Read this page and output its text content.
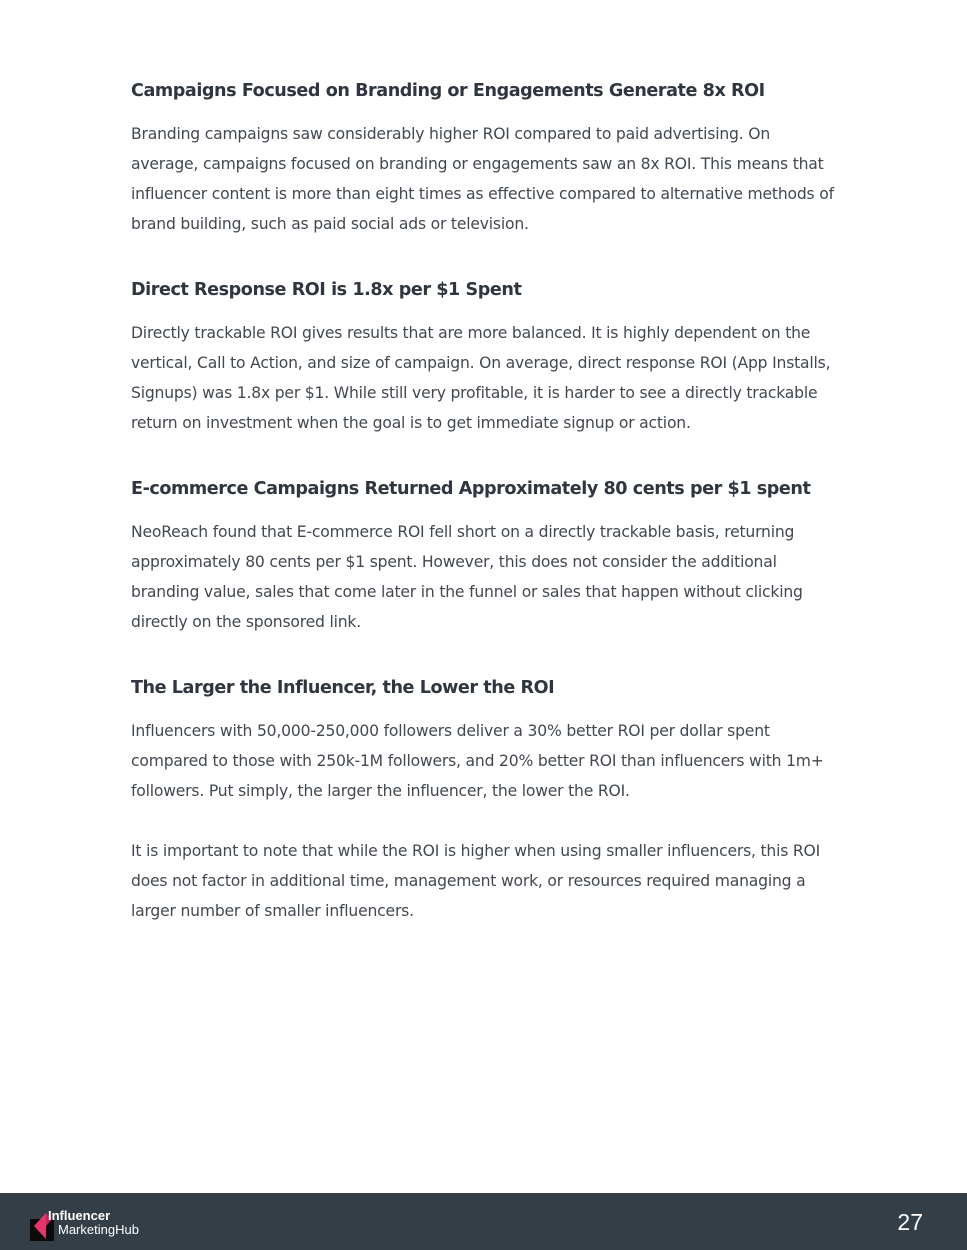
Campaigns Focused on Branding or Engagements Generate 8x ROI

Branding campaigns saw considerably higher ROI compared to paid advertising. On average, campaigns focused on branding or engagements saw an 8x ROI. This means that influencer content is more than eight times as effective compared to alternative methods of brand building, such as paid social ads or television.

Direct Response ROI is 1.8x per $1 Spent

Directly trackable ROI gives results that are more balanced. It is highly dependent on the vertical, Call to Action, and size of campaign. On average, direct response ROI (App Installs, Signups) was 1.8x per $1. While still very profitable, it is harder to see a directly trackable return on investment when the goal is to get immediate signup or action.

E-commerce Campaigns Returned Approximately 80 cents per $1 spent

NeoReach found that E-commerce ROI fell short on a directly trackable basis, returning approximately 80 cents per $1 spent. However, this does not consider the additional branding value, sales that come later in the funnel or sales that happen without clicking directly on the sponsored link.

The Larger the Influencer, the Lower the ROI

Influencers with 50,000-250,000 followers deliver a 30% better ROI per dollar spent compared to those with 250k-1M followers, and 20% better ROI than influencers with 1m+ followers. Put simply, the larger the influencer, the lower the ROI.

It is important to note that while the ROI is higher when using smaller influencers, this ROI does not factor in additional time, management work, or resources required managing a larger number of smaller influencers.

Influencer
MarketingHub	27
